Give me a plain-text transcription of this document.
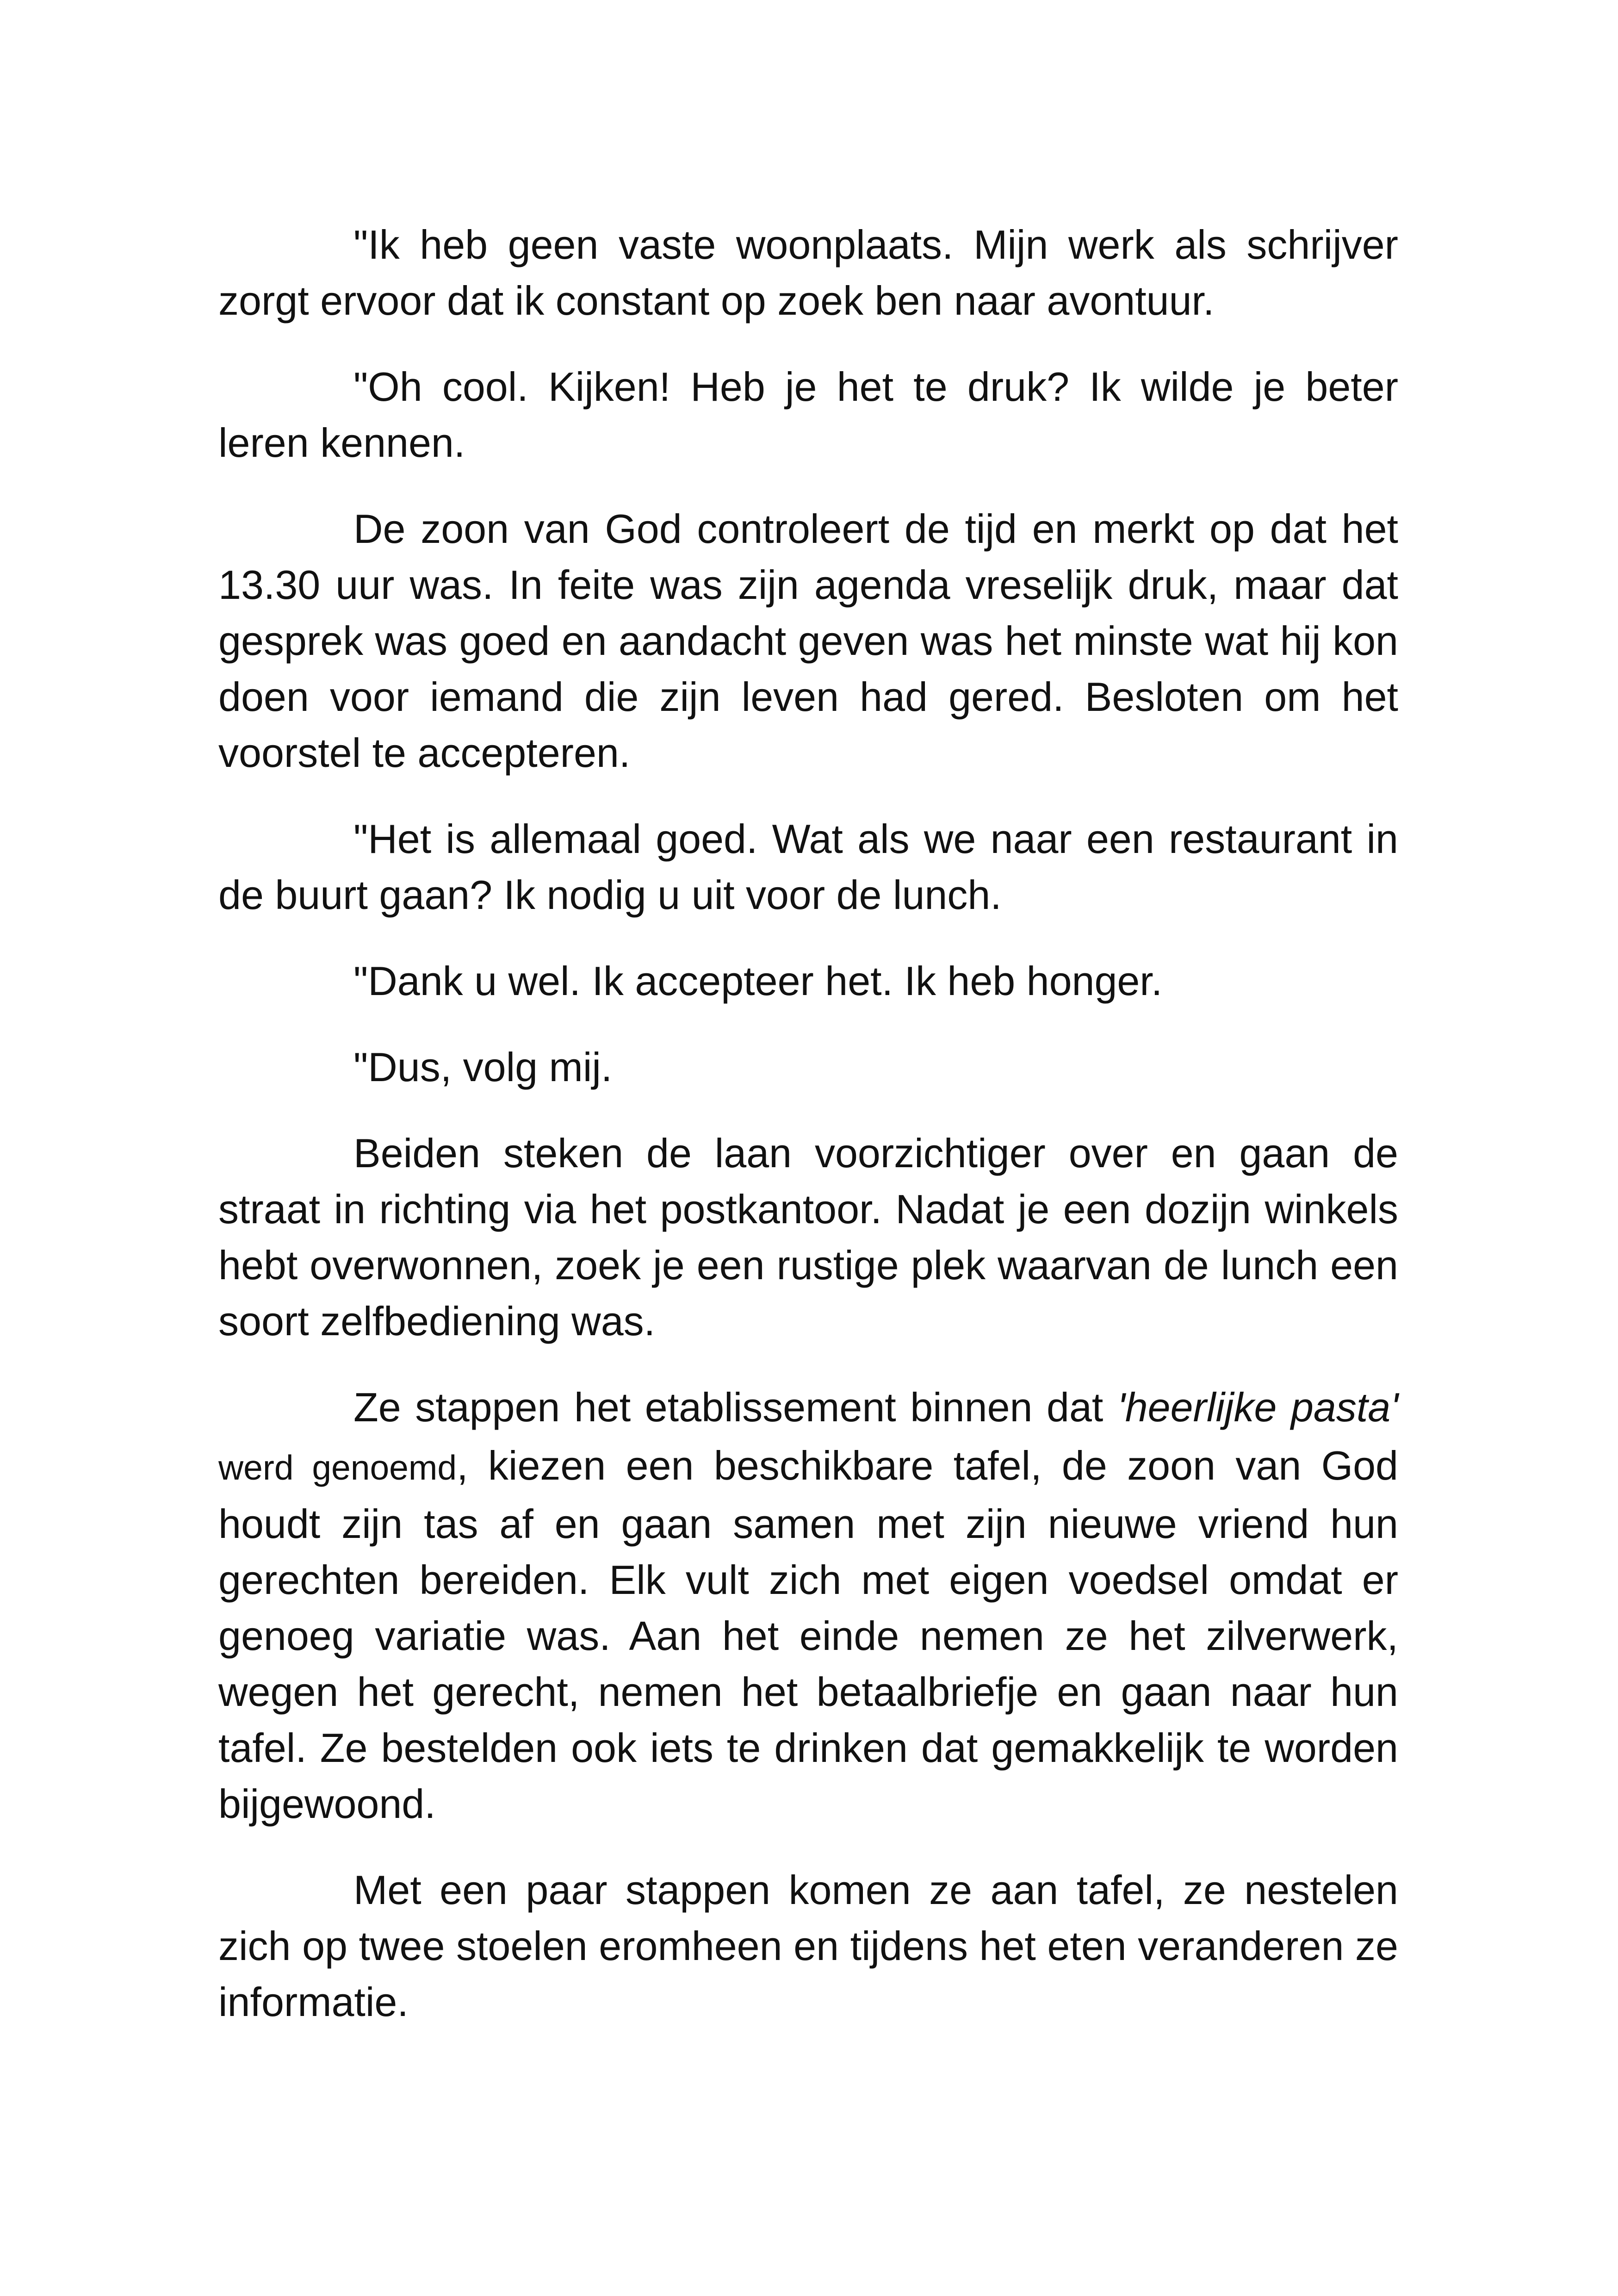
"Ik heb geen vaste woonplaats. Mijn werk als schrijver zorgt ervoor dat ik constant op zoek ben naar avontuur.

"Oh cool. Kijken! Heb je het te druk? Ik wilde je beter leren kennen.

De zoon van God controleert de tijd en merkt op dat het 13.30 uur was. In feite was zijn agenda vreselijk druk, maar dat gesprek was goed en aandacht geven was het minste wat hij kon doen voor iemand die zijn leven had gered. Besloten om het voorstel te accepteren.

"Het is allemaal goed. Wat als we naar een restaurant in de buurt gaan? Ik nodig u uit voor de lunch.

"Dank u wel. Ik accepteer het. Ik heb honger.

"Dus, volg mij.

Beiden steken de laan voorzichtiger over en gaan de straat in richting via het postkantoor. Nadat je een dozijn winkels hebt overwonnen, zoek je een rustige plek waarvan de lunch een soort zelfbediening was.

Ze stappen het etablissement binnen dat 'heerlijke pasta' werd genoemd, kiezen een beschikbare tafel, de zoon van God houdt zijn tas af en gaan samen met zijn nieuwe vriend hun gerechten bereiden. Elk vult zich met eigen voedsel omdat er genoeg variatie was. Aan het einde nemen ze het zilverwerk, wegen het gerecht, nemen het betaalbriefje en gaan naar hun tafel. Ze bestelden ook iets te drinken dat gemakkelijk te worden bijgewoond.

Met een paar stappen komen ze aan tafel, ze nestelen zich op twee stoelen eromheen en tijdens het eten veranderen ze informatie.
